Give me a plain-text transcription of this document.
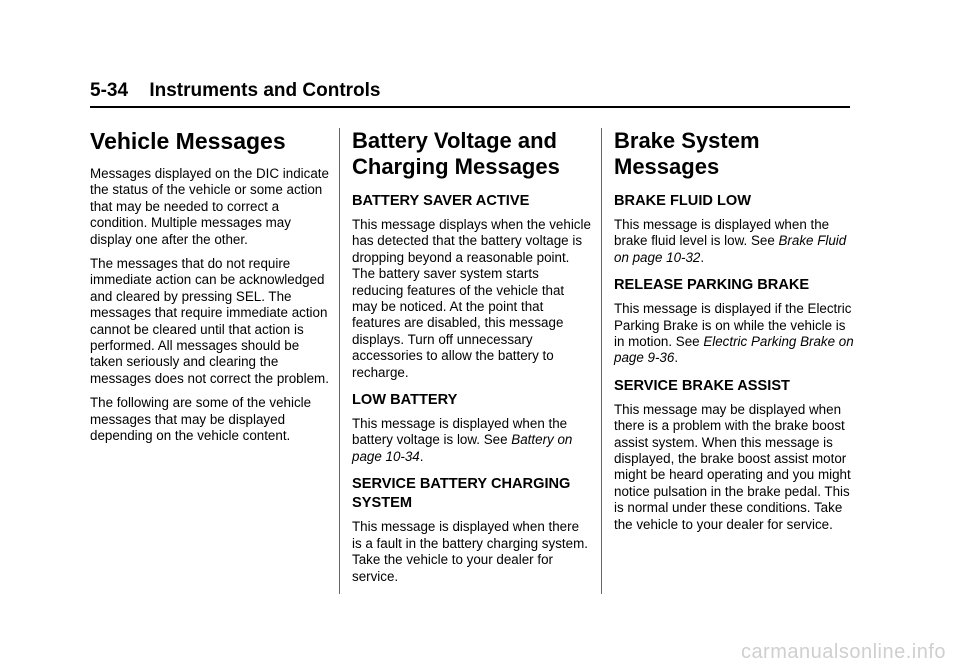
5-34 Instruments and Controls
Vehicle Messages

Messages displayed on the DIC indicate the status of the vehicle or some action that may be needed to correct a condition. Multiple messages may display one after the other.

The messages that do not require immediate action can be acknowledged and cleared by pressing SEL. The messages that require immediate action cannot be cleared until that action is performed. All messages should be taken seriously and clearing the messages does not correct the problem.

The following are some of the vehicle messages that may be displayed depending on the vehicle content.

Battery Voltage and Charging Messages
BATTERY SAVER ACTIVE

This message displays when the vehicle has detected that the battery voltage is dropping beyond a reasonable point. The battery saver system starts reducing features of the vehicle that may be noticed. At the point that features are disabled, this message displays. Turn off unnecessary accessories to allow the battery to recharge.

LOW BATTERY

This message is displayed when the battery voltage is low. See Battery on page 10-34.

SERVICE BATTERY CHARGING SYSTEM

This message is displayed when there is a fault in the battery charging system. Take the vehicle to your dealer for service.

Brake System Messages
BRAKE FLUID LOW

This message is displayed when the brake fluid level is low. See Brake Fluid on page 10-32.

RELEASE PARKING BRAKE

This message is displayed if the Electric Parking Brake is on while the vehicle is in motion. See Electric Parking Brake on page 9-36.

SERVICE BRAKE ASSIST

This message may be displayed when there is a problem with the brake boost assist system. When this message is displayed, the brake boost assist motor might be heard operating and you might notice pulsation in the brake pedal. This is normal under these conditions. Take the vehicle to your dealer for service.

carmanualsonline.info
